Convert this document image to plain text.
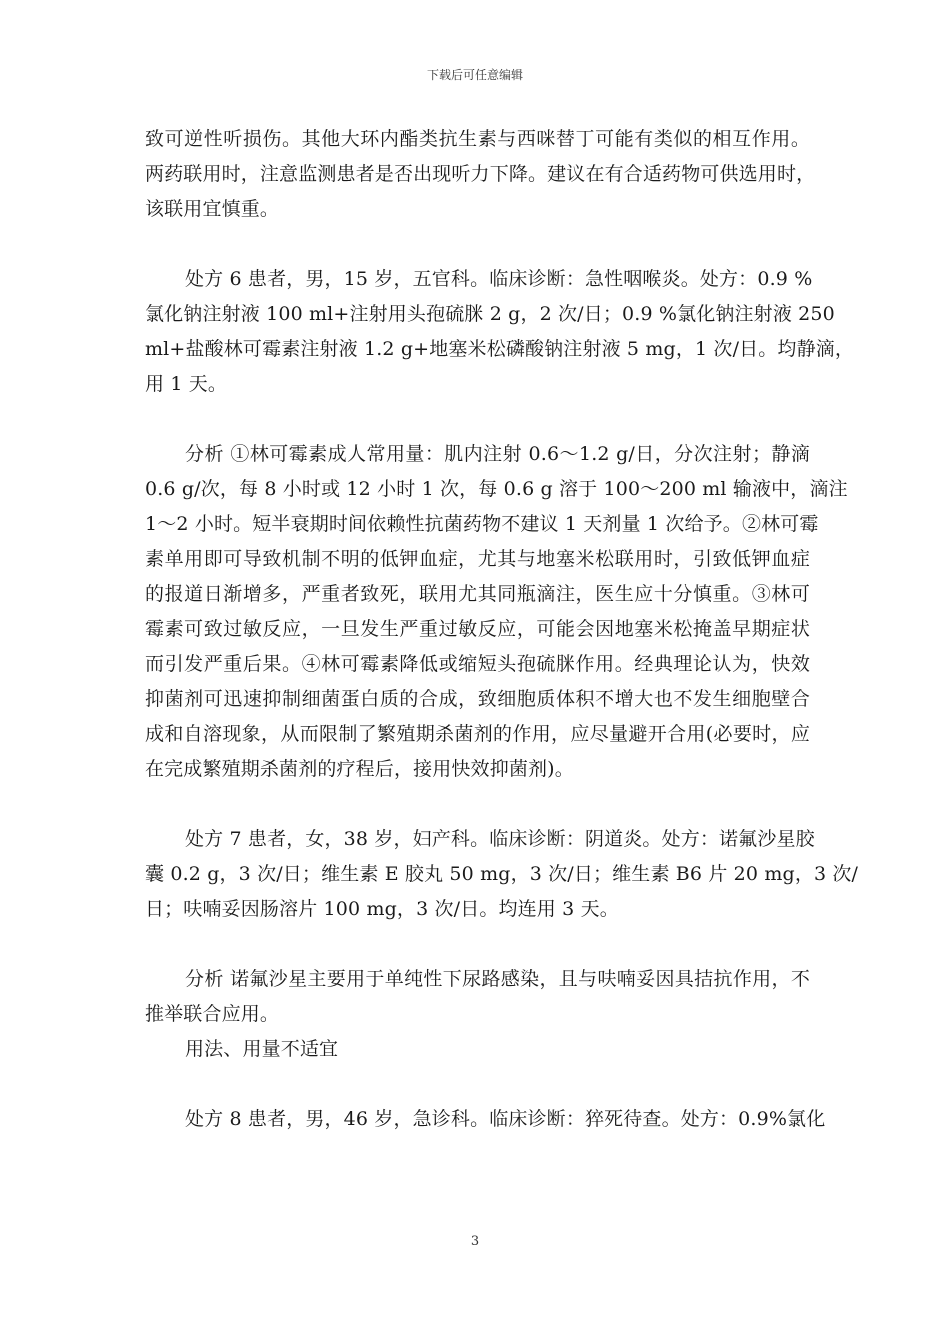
下载后可任意编辑
致可逆性听损伤。其他大环内酯类抗生素与西咪替丁可能有类似的相互作用。
两药联用时，注意监测患者是否出现听力下降。建议在有合适药物可供选用时，
该联用宜慎重。
处方 6 患者，男，15 岁，五官科。临床诊断：急性咽喉炎。处方：0.9 %
氯化钠注射液 100 ml+注射用头孢硫脒 2 g，2 次/日；0.9 %氯化钠注射液 250
ml+盐酸林可霉素注射液 1.2 g+地塞米松磷酸钠注射液 5 mg，1 次/日。均静滴，
用 1 天。
分析 ①林可霉素成人常用量：肌内注射 0.6～1.2 g/日，分次注射；静滴
0.6 g/次，每 8 小时或 12 小时 1 次，每 0.6 g 溶于 100～200 ml 输液中，滴注
1～2 小时。短半衰期时间依赖性抗菌药物不建议 1 天剂量 1 次给予。②林可霉
素单用即可导致机制不明的低钾血症，尤其与地塞米松联用时，引致低钾血症
的报道日渐增多，严重者致死，联用尤其同瓶滴注，医生应十分慎重。③林可
霉素可致过敏反应，一旦发生严重过敏反应，可能会因地塞米松掩盖早期症状
而引发严重后果。④林可霉素降低或缩短头孢硫脒作用。经典理论认为，快效
抑菌剂可迅速抑制细菌蛋白质的合成，致细胞质体积不增大也不发生细胞壁合
成和自溶现象，从而限制了繁殖期杀菌剂的作用，应尽量避开合用(必要时，应
在完成繁殖期杀菌剂的疗程后，接用快效抑菌剂)。
处方 7 患者，女，38 岁，妇产科。临床诊断：阴道炎。处方：诺氟沙星胶
囊 0.2 g，3 次/日；维生素 E 胶丸 50 mg，3 次/日；维生素 B6 片 20 mg，3 次/
日；呋喃妥因肠溶片 100 mg，3 次/日。均连用 3 天。
分析 诺氟沙星主要用于单纯性下尿路感染，且与呋喃妥因具拮抗作用，不
推举联合应用。
用法、用量不适宜
处方 8 患者，男，46 岁，急诊科。临床诊断：猝死待查。处方：0.9%氯化
3
